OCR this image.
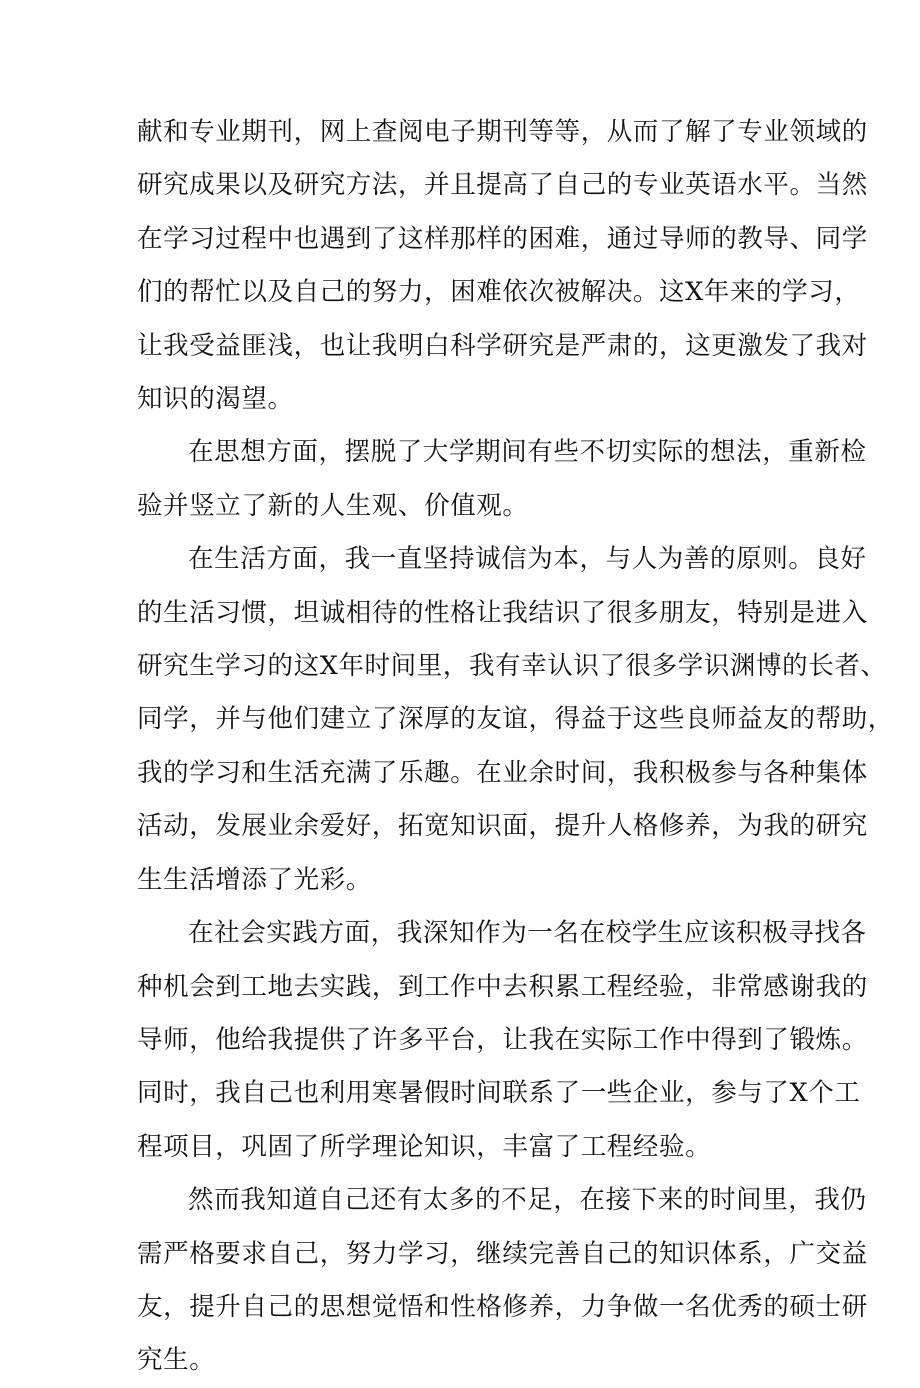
献和专业期刊，网上查阅电子期刊等等，从而了解了专业领域的
研究成果以及研究方法，并且提高了自己的专业英语水平。当然
在学习过程中也遇到了这样那样的困难，通过导师的教导、同学
们的帮忙以及自己的努力，困难依次被解决。这X年来的学习，
让我受益匪浅，也让我明白科学研究是严肃的，这更激发了我对
知识的渴望。

在思想方面，摆脱了大学期间有些不切实际的想法，重新检
验并竖立了新的人生观、价值观。

在生活方面，我一直坚持诚信为本，与人为善的原则。良好
的生活习惯，坦诚相待的性格让我结识了很多朋友，特别是进入
研究生学习的这X年时间里，我有幸认识了很多学识渊博的长者、
同学，并与他们建立了深厚的友谊，得益于这些良师益友的帮助，
我的学习和生活充满了乐趣。在业余时间，我积极参与各种集体
活动，发展业余爱好，拓宽知识面，提升人格修养，为我的研究
生生活增添了光彩。

在社会实践方面，我深知作为一名在校学生应该积极寻找各
种机会到工地去实践，到工作中去积累工程经验，非常感谢我的
导师，他给我提供了许多平台，让我在实际工作中得到了锻炼。
同时，我自己也利用寒暑假时间联系了一些企业，参与了X个工
程项目，巩固了所学理论知识，丰富了工程经验。

然而我知道自己还有太多的不足，在接下来的时间里，我仍
需严格要求自己，努力学习，继续完善自己的知识体系，广交益
友，提升自己的思想觉悟和性格修养，力争做一名优秀的硕士研
究生。
